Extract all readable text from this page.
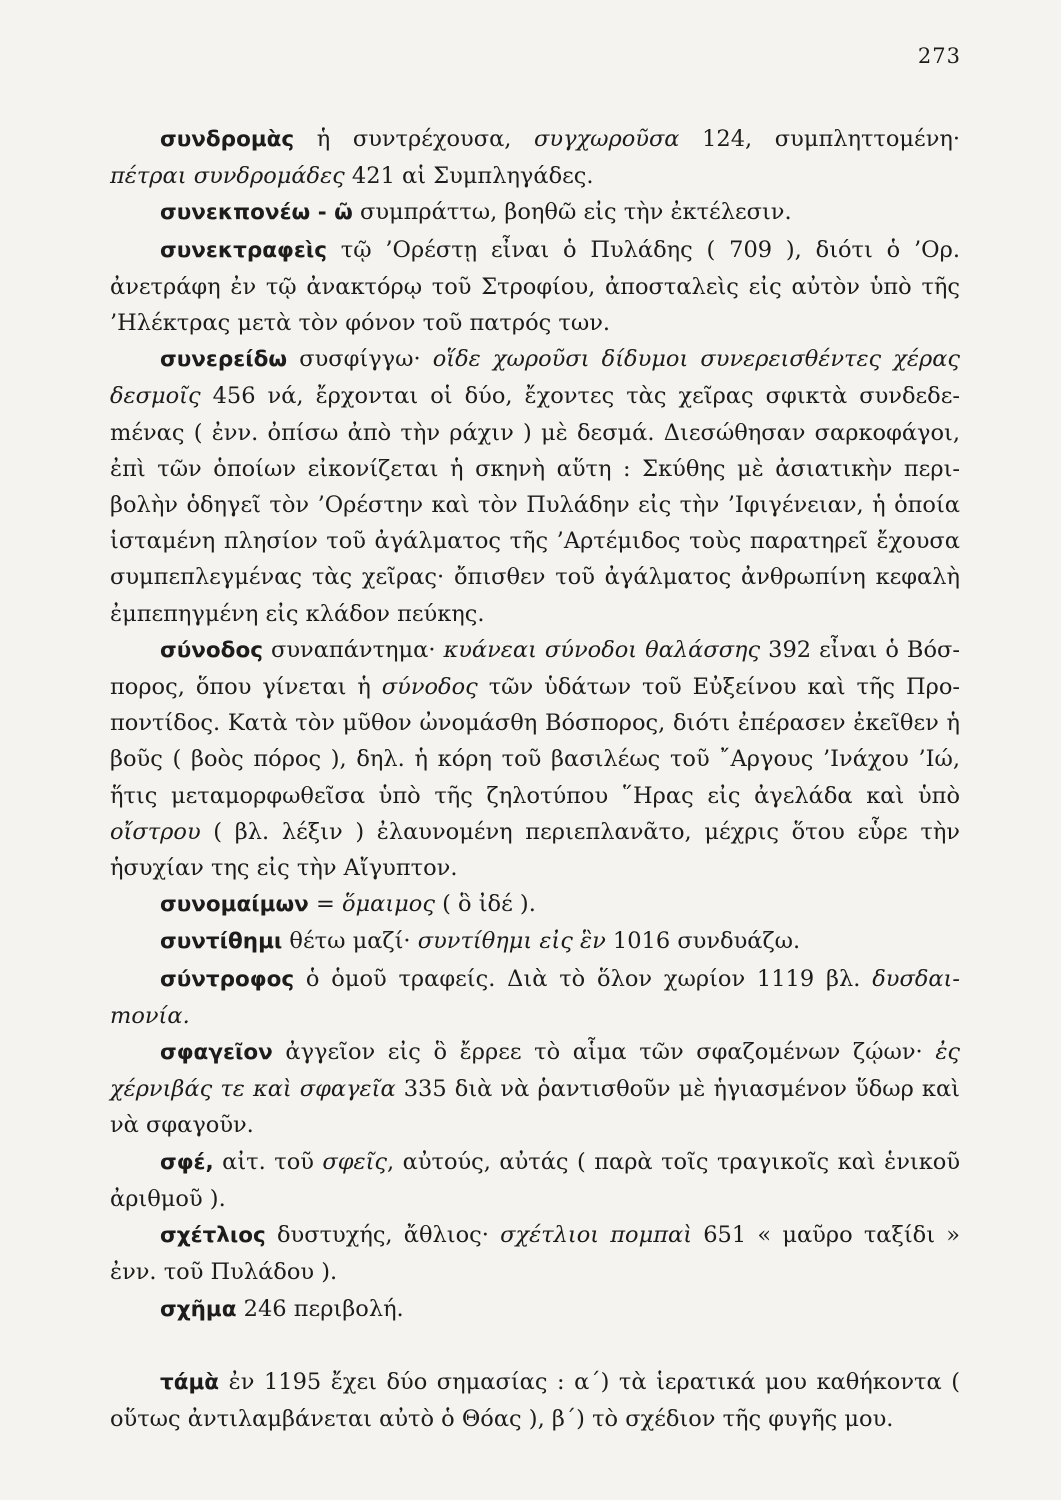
273

συνδρομὰς ἡ συντρέχουσα, συγχωροῦσα 124, συμπληττομένη· πέτραι συνδρομάδες 421 αἱ Συμπληγάδες.

συνεκπονέω - ῶ συμπράττω, βοηθῶ εἰς τὴν ἐκτέλεσιν.

συνεκτραφεὶς τῷ ’Ορέστῃ εἶναι ὁ Πυλάδης ( 709 ), διότι ὁ ’Ορ. ἀνετράφη ἐν τῷ ἀνακτόρῳ τοῦ Στροφίου, ἀποσταλεὶς εἰς αὐτὸν ὑπὸ τῆς ’Ηλέκτρας μετὰ τὸν φόνον τοῦ πατρός των.

συνερείδω συσφίγγω· οἵδε χωροῦσι δίδυμοι συνερεισθέντες χέρας δεσμοῖς 456 νά, ἔρχονται οἱ δύο, ἔχοντες τὰς χεῖρας σφικτὰ συνδεδεmένας ( ἐνν. ὀπίσω ἀπὸ τὴν ράχιν ) μὲ δεσμά. Διεσώθησαν σαρκοφάγοι, ἐπὶ τῶν ὁποίων εἰκονίζεται ἡ σκηνὴ αὕτη : Σκύθης μὲ ἀσιατικὴν περιβολὴν ὁδηγεῖ τὸν ’Ορέστην καὶ τὸν Πυλάδην εἰς τὴν ’Ιφιγένειαν, ἡ ὁποία ἱσταμένη πλησίον τοῦ ἀγάλματος τῆς ’Αρτέμιδος τοὺς παρατηρεῖ ἔχουσα συμπεπλεγμένας τὰς χεῖρας· ὄπισθεν τοῦ ἀγάλματος ἀνθρωπίνη κεφαλὴ ἐμπεπηγμένη εἰς κλάδον πεύκης.

σύνοδος συναπάντημα· κυάνεαι σύνοδοι θαλάσσης 392 εἶναι ὁ Βόσπορος, ὅπου γίνεται ἡ σύνοδος τῶν ὑδάτων τοῦ Εὐξείνου καὶ τῆς Προποντίδος. Κατὰ τὸν μῦθον ὠνομάσθη Βόσπορος, διότι ἐπέρασεν ἐκεῖθεν ἡ βοῦς ( βοὸς πόρος ), δηλ. ἡ κόρη τοῦ βασιλέως τοῦ ῎Αργους ’Ινάχου ’Ιώ, ἥτις μεταμορφωθεῖσα ὑπὸ τῆς ζηλοτύπου ῞Ηρας εἰς ἀγελάδα καὶ ὑπὸ οἴστρου ( βλ. λέξιν ) ἐλαυνομένη περιεπλανᾶτο, μέχρις ὅτου εὗρε τὴν ἡσυχίαν της εἰς τὴν Αἴγυπτον.

συνομαίμων = ὅμαιμος ( ὃ ἰδέ ).

συντίθημι θέτω μαζί· συντίθημι εἰς ἓν 1016 συνδυάζω.

σύντροφος ὁ ὁμοῦ τραφείς. Διὰ τὸ ὅλον χωρίον 1119 βλ. δυσδαιmονία.

σφαγεῖον ἀγγεῖον εἰς ὃ ἔρρεε τὸ αἷμα τῶν σφαζομένων ζῴων· ἐς χέρνιβάς τε καὶ σφαγεῖα 335 διὰ νὰ ῥαντισθοῦν μὲ ἡγιασμένον ὕδωρ καὶ νὰ σφαγοῦν.

σφέ, αἰτ. τοῦ σφεῖς, αὐτούς, αὐτάς ( παρὰ τοῖς τραγικοῖς καὶ ἑνικοῦ ἀριθμοῦ ).

σχέτλιος δυστυχής, ἄθλιος· σχέτλιοι πομπαὶ 651 « μαῦρο ταξίδι » ἐνν. τοῦ Πυλάδου ).

σχῆμα 246 περιβολή.

τάμὰ ἐν 1195 ἔχει δύο σημασίας : α΄) τὰ ἱερατικά μου καθήκοντα ( οὕτως ἀντιλαμβάνεται αὐτὸ ὁ Θόας ), β΄) τὸ σχέδιον τῆς φυγῆς μου.
